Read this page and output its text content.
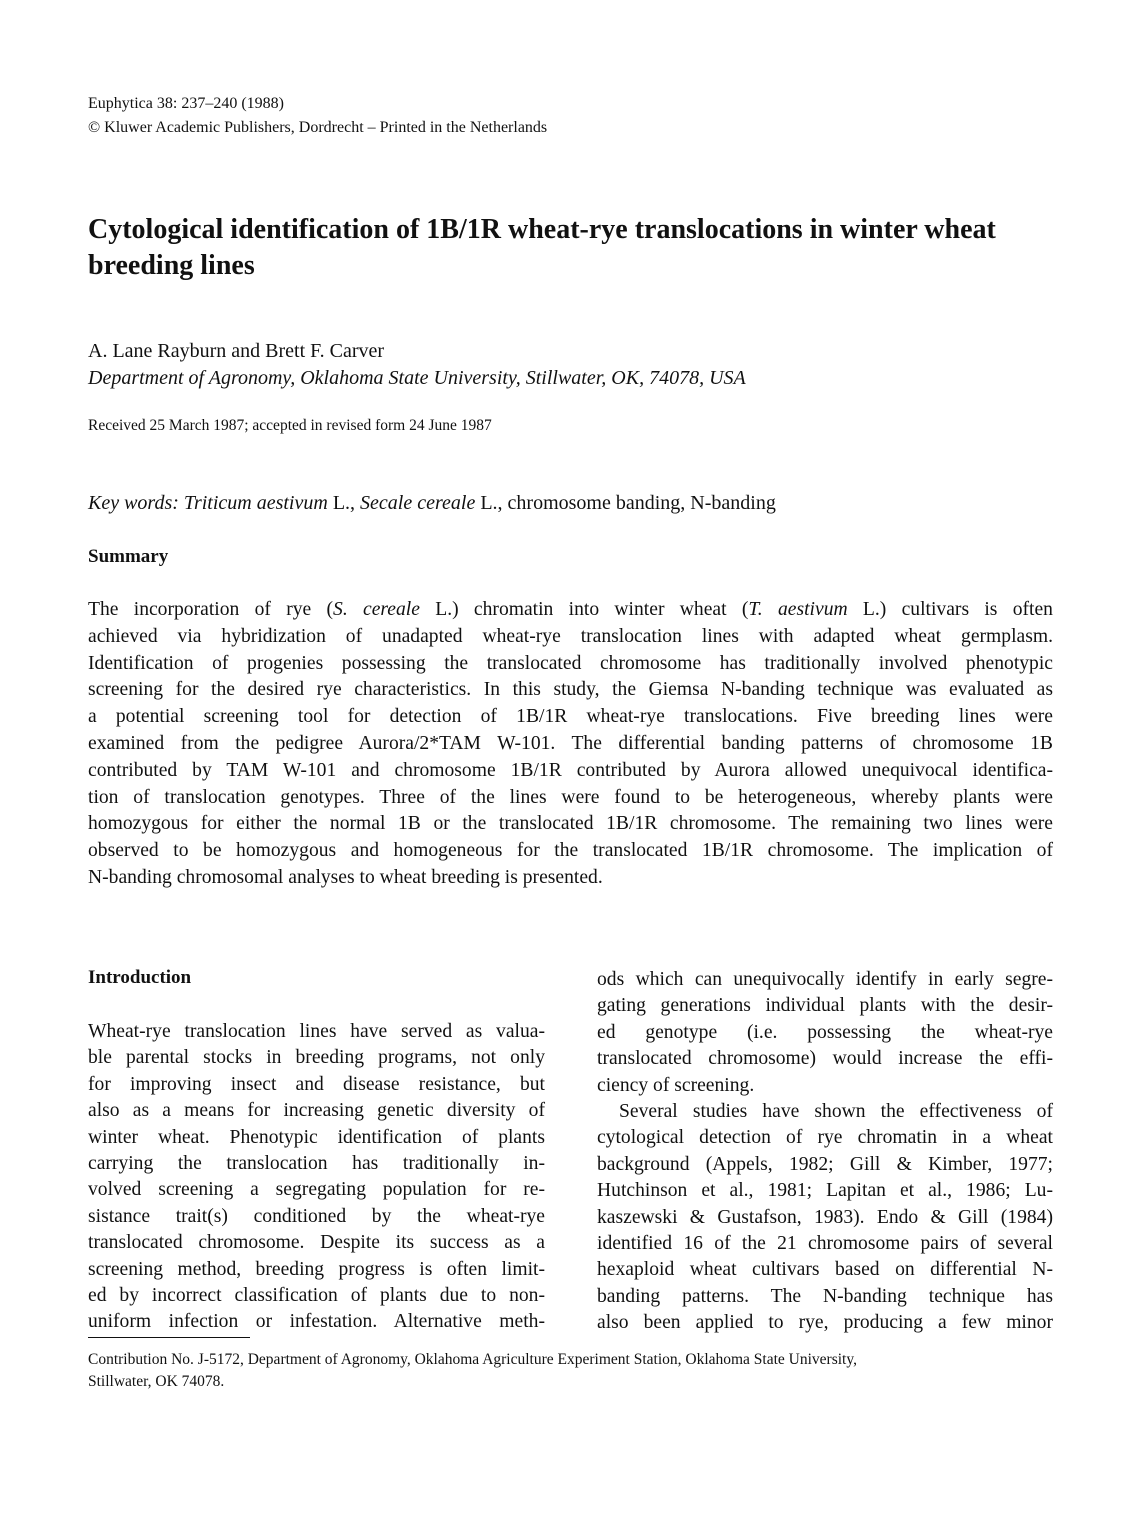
Euphytica 38: 237–240 (1988)
© Kluwer Academic Publishers, Dordrecht – Printed in the Netherlands
Cytological identification of 1B/1R wheat-rye translocations in winter wheat
breeding lines
A. Lane Rayburn and Brett F. Carver
Department of Agronomy, Oklahoma State University, Stillwater, OK, 74078, USA
Received 25 March 1987; accepted in revised form 24 June 1987
Key words: Triticum aestivum L., Secale cereale L., chromosome banding, N-banding
Summary
The incorporation of rye (S. cereale L.) chromatin into winter wheat (T. aestivum L.) cultivars is often
achieved via hybridization of unadapted wheat-rye translocation lines with adapted wheat germplasm.
Identification of progenies possessing the translocated chromosome has traditionally involved phenotypic
screening for the desired rye characteristics. In this study, the Giemsa N-banding technique was evaluated as
a potential screening tool for detection of 1B/1R wheat-rye translocations. Five breeding lines were
examined from the pedigree Aurora/2*TAM W-101. The differential banding patterns of chromosome 1B
contributed by TAM W-101 and chromosome 1B/1R contributed by Aurora allowed unequivocal identifica-
tion of translocation genotypes. Three of the lines were found to be heterogeneous, whereby plants were
homozygous for either the normal 1B or the translocated 1B/1R chromosome. The remaining two lines were
observed to be homozygous and homogeneous for the translocated 1B/1R chromosome. The implication of
N-banding chromosomal analyses to wheat breeding is presented.
Introduction
Wheat-rye translocation lines have served as valua-
ble parental stocks in breeding programs, not only
for improving insect and disease resistance, but
also as a means for increasing genetic diversity of
winter wheat. Phenotypic identification of plants
carrying the translocation has traditionally in-
volved screening a segregating population for re-
sistance trait(s) conditioned by the wheat-rye
translocated chromosome. Despite its success as a
screening method, breeding progress is often limit-
ed by incorrect classification of plants due to non-
uniform infection or infestation. Alternative meth-
ods which can unequivocally identify in early segre-
gating generations individual plants with the desir-
ed genotype (i.e. possessing the wheat-rye
translocated chromosome) would increase the effi-
ciency of screening.
Several studies have shown the effectiveness of
cytological detection of rye chromatin in a wheat
background (Appels, 1982; Gill & Kimber, 1977;
Hutchinson et al., 1981; Lapitan et al., 1986; Lu-
kaszewski & Gustafson, 1983). Endo & Gill (1984)
identified 16 of the 21 chromosome pairs of several
hexaploid wheat cultivars based on differential N-
banding patterns. The N-banding technique has
also been applied to rye, producing a few minor
Contribution No. J-5172, Department of Agronomy, Oklahoma Agriculture Experiment Station, Oklahoma State University,
Stillwater, OK 74078.
